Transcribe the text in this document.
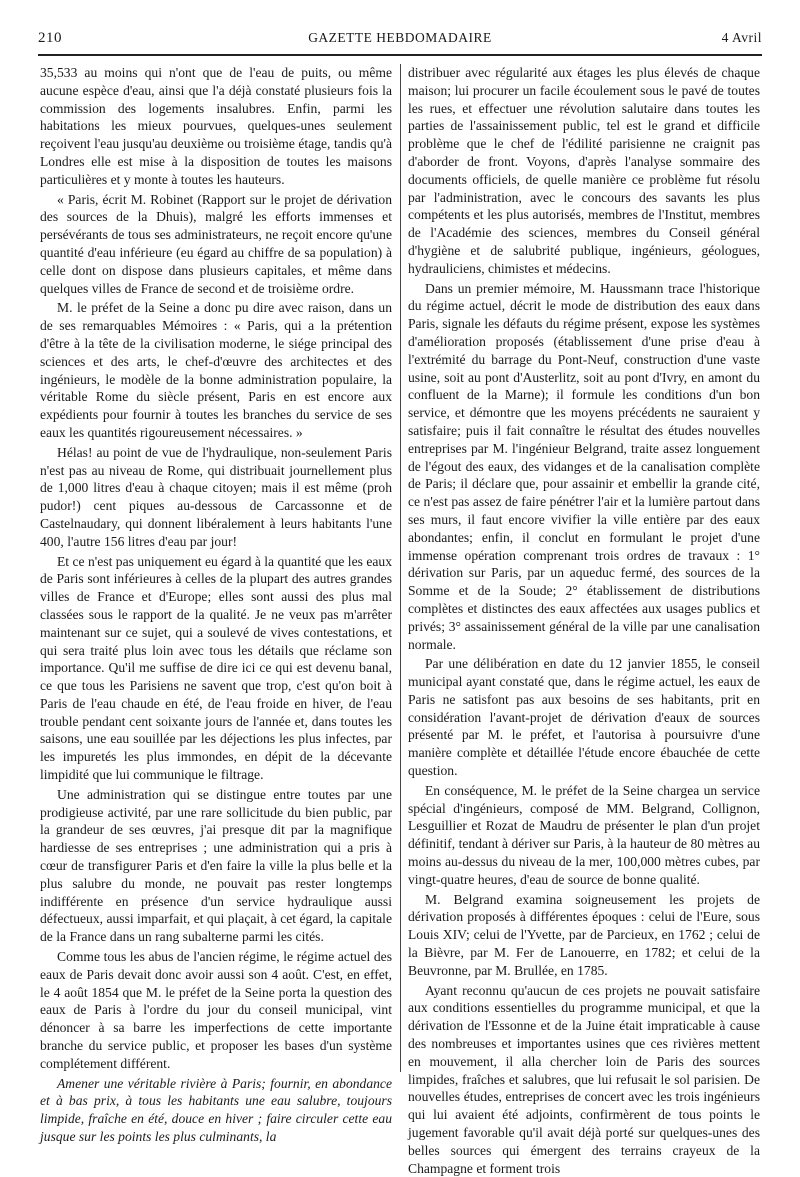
210	GAZETTE HEBDOMADAIRE	4 Avril

35,533 au moins qui n'ont que de l'eau de puits, ou même aucune espèce d'eau, ainsi que l'a déjà constaté plusieurs fois la commission des logements insalubres. Enfin, parmi les habitations les mieux pourvues, quelques-unes seulement reçoivent l'eau jusqu'au deuxième ou troisième étage, tandis qu'à Londres elle est mise à la disposition de toutes les maisons particulières et y monte à toutes les hauteurs.

« Paris, écrit M. Robinet (Rapport sur le projet de dérivation des sources de la Dhuis), malgré les efforts immenses et persévérants de tous ses administrateurs, ne reçoit encore qu'une quantité d'eau inférieure (eu égard au chiffre de sa population) à celle dont on dispose dans plusieurs capitales, et même dans quelques villes de France de second et de troisième ordre.

M. le préfet de la Seine a donc pu dire avec raison, dans un de ses remarquables Mémoires : « Paris, qui a la prétention d'être à la tête de la civilisation moderne, le siége principal des sciences et des arts, le chef-d'œuvre des architectes et des ingénieurs, le modèle de la bonne administration populaire, la véritable Rome du siècle présent, Paris en est encore aux expédients pour fournir à toutes les branches du service de ses eaux les quantités rigoureusement nécessaires. »

Hélas! au point de vue de l'hydraulique, non-seulement Paris n'est pas au niveau de Rome, qui distribuait journellement plus de 1,000 litres d'eau à chaque citoyen; mais il est même (proh pudor!) cent piques au-dessous de Carcassonne et de Castelnaudary, qui donnent libéralement à leurs habitants l'une 400, l'autre 156 litres d'eau par jour!

Et ce n'est pas uniquement eu égard à la quantité que les eaux de Paris sont inférieures à celles de la plupart des autres grandes villes de France et d'Europe; elles sont aussi des plus mal classées sous le rapport de la qualité. Je ne veux pas m'arrêter maintenant sur ce sujet, qui a soulevé de vives contestations, et qui sera traité plus loin avec tous les détails que réclame son importance. Qu'il me suffise de dire ici ce qui est devenu banal, ce que tous les Parisiens ne savent que trop, c'est qu'on boit à Paris de l'eau chaude en été, de l'eau froide en hiver, de l'eau trouble pendant cent soixante jours de l'année et, dans toutes les saisons, une eau souillée par les déjections les plus infectes, par les impuretés les plus immondes, en dépit de la décevante limpidité que lui communique le filtrage.

Une administration qui se distingue entre toutes par une prodigieuse activité, par une rare sollicitude du bien public, par la grandeur de ses œuvres, j'ai presque dit par la magnifique hardiesse de ses entreprises ; une administration qui a pris à cœur de transfigurer Paris et d'en faire la ville la plus belle et la plus salubre du monde, ne pouvait pas rester longtemps indifférente en présence d'un service hydraulique aussi défectueux, aussi imparfait, et qui plaçait, à cet égard, la capitale de la France dans un rang subalterne parmi les cités.

Comme tous les abus de l'ancien régime, le régime actuel des eaux de Paris devait donc avoir aussi son 4 août. C'est, en effet, le 4 août 1854 que M. le préfet de la Seine porta la question des eaux de Paris à l'ordre du jour du conseil municipal, vint dénoncer à sa barre les imperfections de cette importante branche du service public, et proposer les bases d'un système complétement différent.

Amener une véritable rivière à Paris; fournir, en abondance et à bas prix, à tous les habitants une eau salubre, toujours limpide, fraîche en été, douce en hiver ; faire circuler cette eau jusque sur les points les plus culminants, la

distribuer avec régularité aux étages les plus élevés de chaque maison; lui procurer un facile écoulement sous le pavé de toutes les rues, et effectuer une révolution salutaire dans toutes les parties de l'assainissement public, tel est le grand et difficile problème que le chef de l'édilité parisienne ne craignit pas d'aborder de front. Voyons, d'après l'analyse sommaire des documents officiels, de quelle manière ce problème fut résolu par l'administration, avec le concours des savants les plus compétents et les plus autorisés, membres de l'Institut, membres de l'Académie des sciences, membres du Conseil général d'hygiène et de salubrité publique, ingénieurs, géologues, hydrauliciens, chimistes et médecins.

Dans un premier mémoire, M. Haussmann trace l'historique du régime actuel, décrit le mode de distribution des eaux dans Paris, signale les défauts du régime présent, expose les systèmes d'amélioration proposés (établissement d'une prise d'eau à l'extrémité du barrage du Pont-Neuf, construction d'une vaste usine, soit au pont d'Austerlitz, soit au pont d'Ivry, en amont du confluent de la Marne); il formule les conditions d'un bon service, et démontre que les moyens précédents ne sauraient y satisfaire; puis il fait connaître le résultat des études nouvelles entreprises par M. l'ingénieur Belgrand, traite assez longuement de l'égout des eaux, des vidanges et de la canalisation complète de Paris; il déclare que, pour assainir et embellir la grande cité, ce n'est pas assez de faire pénétrer l'air et la lumière partout dans ses murs, il faut encore vivifier la ville entière par des eaux abondantes; enfin, il conclut en formulant le projet d'une immense opération comprenant trois ordres de travaux : 1° dérivation sur Paris, par un aqueduc fermé, des sources de la Somme et de la Soude; 2° établissement de distributions complètes et distinctes des eaux affectées aux usages publics et privés; 3° assainissement général de la ville par une canalisation normale.

Par une délibération en date du 12 janvier 1855, le conseil municipal ayant constaté que, dans le régime actuel, les eaux de Paris ne satisfont pas aux besoins de ses habitants, prit en considération l'avant-projet de dérivation d'eaux de sources présenté par M. le préfet, et l'autorisa à poursuivre d'une manière complète et détaillée l'étude encore ébauchée de cette question.

En conséquence, M. le préfet de la Seine chargea un service spécial d'ingénieurs, composé de MM. Belgrand, Collignon, Lesguillier et Rozat de Maudru de présenter le plan d'un projet définitif, tendant à dériver sur Paris, à la hauteur de 80 mètres au moins au-dessus du niveau de la mer, 100,000 mètres cubes, par vingt-quatre heures, d'eau de source de bonne qualité.

M. Belgrand examina soigneusement les projets de dérivation proposés à différentes époques : celui de l'Eure, sous Louis XIV; celui de l'Yvette, par de Parcieux, en 1762 ; celui de la Bièvre, par M. Fer de Lanouerre, en 1782; et celui de la Beuvronne, par M. Brullée, en 1785.

Ayant reconnu qu'aucun de ces projets ne pouvait satisfaire aux conditions essentielles du programme municipal, et que la dérivation de l'Essonne et de la Juine était impraticable à cause des nombreuses et importantes usines que ces rivières mettent en mouvement, il alla chercher loin de Paris des sources limpides, fraîches et salubres, que lui refusait le sol parisien. De nouvelles études, entreprises de concert avec les trois ingénieurs qui lui avaient été adjoints, confirmèrent de tous points le jugement favorable qu'il avait déjà porté sur quelques-unes des belles sources qui émergent des terrains crayeux de la Champagne et forment trois
